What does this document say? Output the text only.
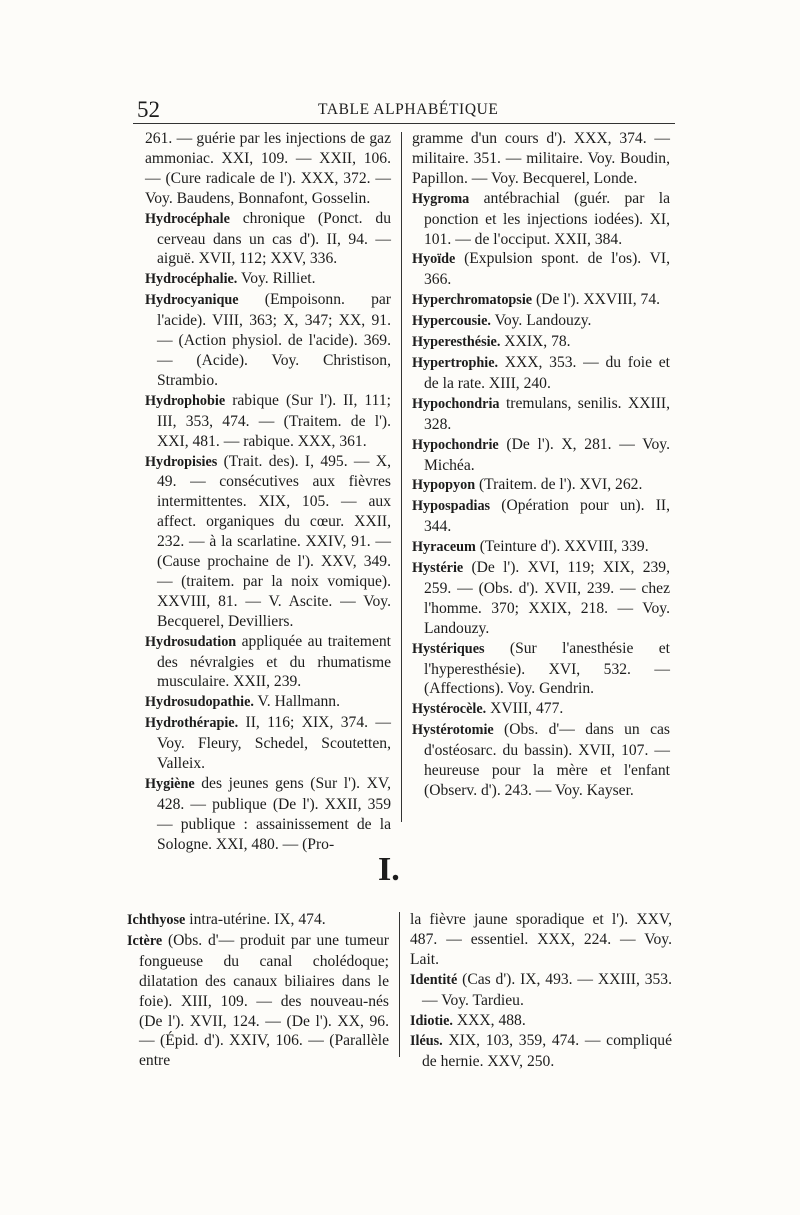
52	TABLE ALPHABÉTIQUE

261. — guérie par les injections de gaz ammoniac. XXI, 109. — XXII, 106. — (Cure radicale de l'). XXX, 372. — Voy. Baudens, Bonnafont, Gosselin.

Hydrocéphale chronique (Ponct. du cerveau dans un cas d'). II, 94. — aiguë. XVII, 112; XXV, 336.

Hydrocéphalie. Voy. Rilliet.

Hydrocyanique (Empoisonn. par l'acide). VIII, 363; X, 347; XX, 91. — (Action physiol. de l'acide). 369. — (Acide). Voy. Christison, Strambio.

Hydrophobie rabique (Sur l'). II, 111; III, 353, 474. — (Traitem. de l'). XXI, 481. — rabique. XXX, 361.

Hydropisies (Trait. des). I, 495. — X, 49. — consécutives aux fièvres intermittentes. XIX, 105. — aux affect. organiques du cœur. XXII, 232. — à la scarlatine. XXIV, 91. — (Cause prochaine de l'). XXV, 349. — (traitem. par la noix vomique). XXVIII, 81. — V. Ascite. — Voy. Becquerel, Devilliers.

Hydrosudation appliquée au traitement des névralgies et du rhumatisme musculaire. XXII, 239.

Hydrosudopathie. V. Hallmann.

Hydrothérapie. II, 116; XIX, 374. — Voy. Fleury, Schedel, Scoutetten, Valleix.

Hygiène des jeunes gens (Sur l'). XV, 428. — publique (De l'). XXII, 359 — publique : assainissement de la Sologne. XXI, 480. — (Pro-

gramme d'un cours d'). XXX, 374. — militaire. 351. — militaire. Voy. Boudin, Papillon. — Voy. Becquerel, Londe.

Hygroma antébrachial (guér. par la ponction et les injections iodées). XI, 101. — de l'occiput. XXII, 384.

Hyoïde (Expulsion spont. de l'os). VI, 366.

Hyperchromatopsie (De l'). XXVIII, 74.

Hypercousie. Voy. Landouzy.

Hyperesthésie. XXIX, 78.

Hypertrophie. XXX, 353. — du foie et de la rate. XIII, 240.

Hypochondria tremulans, senilis. XXIII, 328.

Hypochondrie (De l'). X, 281. — Voy. Michéa.

Hypopyon (Traitem. de l'). XVI, 262.

Hypospadias (Opération pour un). II, 344.

Hyraceum (Teinture d'). XXVIII, 339.

Hystérie (De l'). XVI, 119; XIX, 239, 259. — (Obs. d'). XVII, 239. — chez l'homme. 370; XXIX, 218. — Voy. Landouzy.

Hystériques (Sur l'anesthésie et l'hyperesthésie). XVI, 532. — (Affections). Voy. Gendrin.

Hystérocèle. XVIII, 477.

Hystérotomie (Obs. d'— dans un cas d'ostéosarc. du bassin). XVII, 107. — heureuse pour la mère et l'enfant (Observ. d'). 243. — Voy. Kayser.

I.

Ichthyose intra-utérine. IX, 474.

Ictère (Obs. d'— produit par une tumeur fongueuse du canal cholédoque; dilatation des canaux biliaires dans le foie). XIII, 109. — des nouveau-nés (De l'). XVII, 124. — (De l'). XX, 96. — (Épid. d'). XXIV, 106. — (Parallèle entre

la fièvre jaune sporadique et l'). XXV, 487. — essentiel. XXX, 224. — Voy. Lait.

Identité (Cas d'). IX, 493. — XXIII, 353. — Voy. Tardieu.

Idiotie. XXX, 488.

Iléus. XIX, 103, 359, 474. — compliqué de hernie. XXV, 250.
